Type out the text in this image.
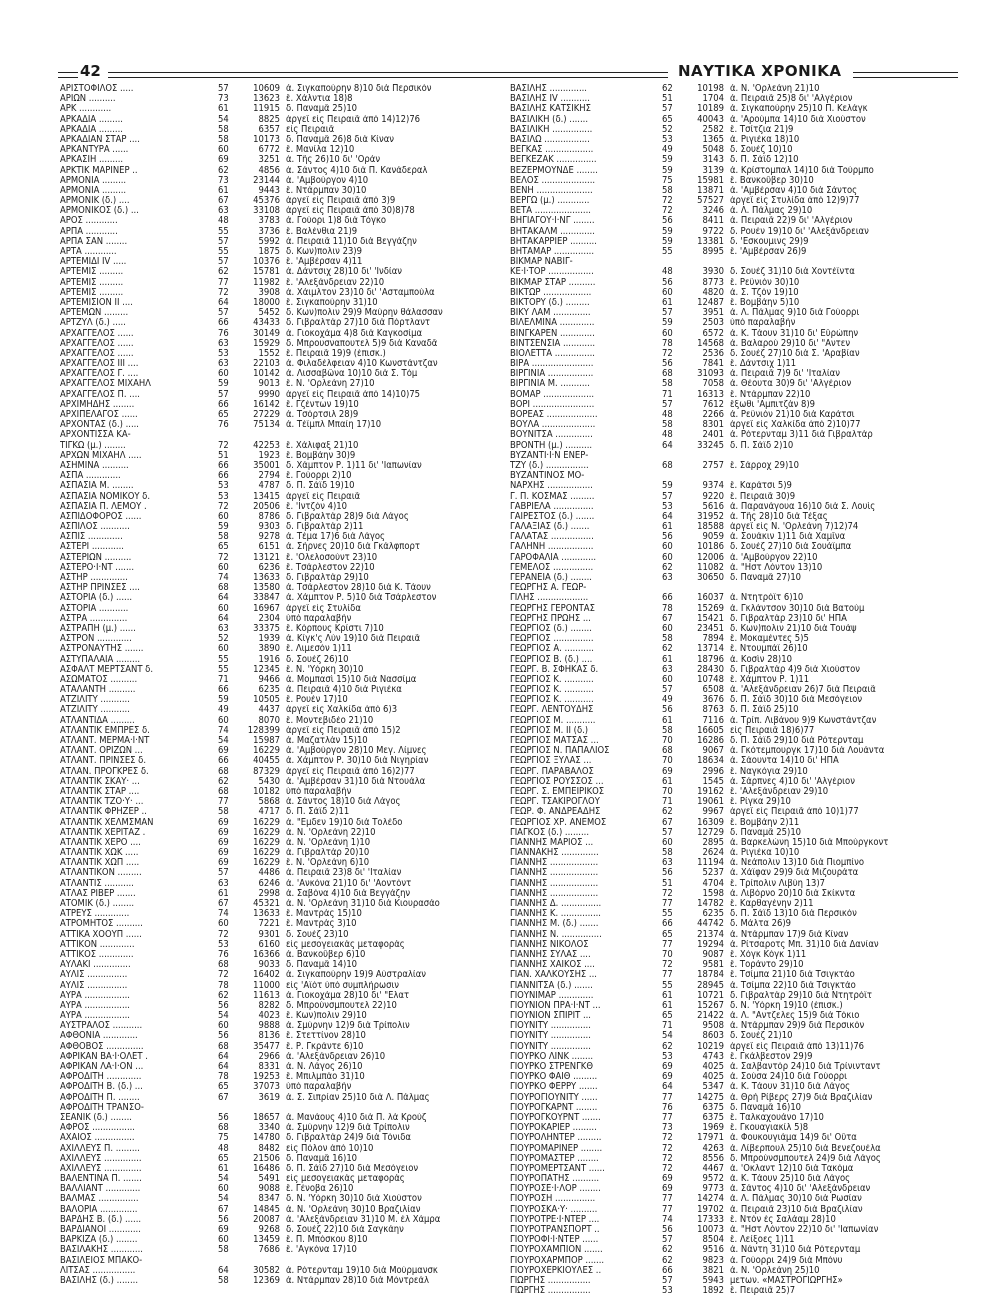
42	ΝΑΥΤΙΚΑ ΧΡΟΝΙΚΑ
ΑΡΙΣΤΟΦΙΛΟΣ .....	57	10609 ά. Σιγκαπούρην 8)10 διὰ Περσικὸν
ΑΡΙΩΝ ..........	73	13623 ἔ. Χάλντια 18)8
ΑΡΚ ............	61	11915 δ. Παναμᾶ 25)10
ΑΡΚΑΔΙΑ .........	54	8825 ἀργεῖ εἰς Πειραιᾶ ἀπὸ 14)12)76
ΑΡΚΑΔΙΑ .........	58	6357 εἰς Πειραιᾶ
ΑΡΚΑΔΙΑΝ ΣΤΑΡ ....	58	10173 δ. Παναμᾶ 26)8 διὰ Κίναν
ΑΡΚΑΝΤΥΡΑ ......	60	6772 ἔ. Μανίλα 12)10
ΑΡΚΑΣΙΗ .........	69	3251 ἀ. Τῆς 26)10 δι' 'Οράν
ΑΡΚΤΙΚ ΜΑΡΙΝΕΡ ..	62	4856 ἀ. Σάντος 4)10 διὰ Π. Κανάδεραλ
ΑΡΜΟΝΙΑ .........	73	23144 ἀ. 'Αμβούργον 4)10
ΑΡΜΟΝΙΑ .........	61	9443 ἔ. Ντάρμπαν 30)10
ΑΡΜΟΝΙΚ (δ.) ....	67	45376 ἀργεῖ εἰς Πειραιᾶ ἀπὸ 3)9
ΑΡΜΟΝΙΚΟΣ (δ.) ...	63	33108 ἀργεῖ εἰς Πειραιᾶ ἀπὸ 30)8)78
ΑΡΟΣ ............	48	3783 ά. Γούορι 1)8 διὰ Τόγκο
ΑΡΠΑ ............	55	3736 ἔ. Βαλένθια 21)9
ΑΡΠΑ ΣΑΝ ........	57	5992 ά. Πειραιᾶ 11)10 διὰ Βεγγάζην
ΑΡΤΑ ............	55	1875 δ. Κων)πολιν 23)9
ΑΡΤΕΜΙΔΙ ΙV .....	57	10376 ἔ. 'Αμβέρσαν 4)11
ΑΡΤΕΜΙΣ .........	62	15781 ά. Δάντσιχ 28)10 δι' 'Ινδίαν
ΑΡΤΕΜΙΣ .........	77	11982 ἔ. 'Αλεξάνδρειαν 22)10
ΑΡΤΕΜΙΣ .........	72	3908 ά. Χάιμλτον 23)10 δι' 'Ασταμπούλα
ΑΡΤΕΜΙΣΙΟΝ ΙΙ ....	64	18000 ἔ. Σιγκαπούρην 31)10
ΑΡΤΕΜΩΝ .........	57	5452 δ. Κων)πολιν 29)9 Μαύρην θάλασσαν
ΑΡΤΖΥΛ (δ.) .....	66	43433 δ. Γιβραλτὰρ 27)10 διὰ Πόρτλαντ
ΑΡΧΑΓΓΕΛΟΣ ......	76	30149 ά. Γιοκοχάμα 4)8 διὰ Καγκοσίμα
ΑΡΧΑΓΓΕΛΟΣ ......	63	15929 δ. Μπρουσναπουτελ 5)9 διὰ Καναδᾶ
ΑΡΧΑΓΓΕΛΟΣ ......	53	1552 ἔ. Πειραιᾶ 19)9 (ἐπισκ.)
ΑΡΧΑΓΓΕΛΟΣ ΙΙΙ ....	63	22103 ά. Φιλαδέλφειαν 4)10 Κωνστάντζαν
ΑΡΧΑΓΓΕΛΟΣ Γ. ....	60	10142 ά. Λισσαβῶνα 10)10 διὰ Σ. Τὸμ
ΑΡΧΑΓΓΕΛΟΣ ΜΙΧΑΗΛ	59	9013 ἔ. Ν. 'Ορλεάνη 27)10
ΑΡΧΑΓΓΕΛΟΣ Π. ....	57	9990 ἀργεῖ εἰς Πειραιᾶ ἀπὸ 14)10)75
ΑΡΧΙΜΗΔΗΣ ........	66	16142 ἔ. Γζέντων 19)10
ΑΡΧΙΠΕΛΑΓΟΣ ......	65	27229 ά. Τσόρτσιλ 28)9
ΑΡΧΟΝΤΑΣ (δ.) .....	76	75134 ά. Τέϊμπλ Μπαίη 17)10
ΑΡΧΟΝΤΙΣΣΑ ΚΑ-
ΤΙΓΚΩ (μ.) ........	72	42253 ἔ. Χάλιφαξ 21)10
ΑΡΧΩΝ ΜΙΧΑΗΛ .....	51	1923 ἔ. Βομβάην 30)9
ΑΣΗΜΙΝΑ ..........	66	35001 δ. Χάμπτον Ρ. 1)11 δι' 'Ιαπωνίαν
ΑΣΠΑ .............	66	2794 ἔ. Γούορρι 2)10
ΑΣΠΑΣΙΑ Μ. ........	53	4787 δ. Π. Σάϊδ 19)10
ΑΣΠΑΣΙΑ ΝΟΜΙΚΟΥ δ.	53	13415 ἀργεῖ εἰς Πειραιᾶ
ΑΣΠΑΣΙΑ Π. ΛΕΜΟΥ .	72	20506 ἔ. 'Ιντζὸν 4)10
ΑΣΠΙΔΟΦΟΡΟΣ ......	60	8786 δ. Γιβραλτὰρ 28)9 διὰ Λάγος
ΑΣΠΙΛΟΣ ...........	59	9303 δ. Γιβραλτὰρ 2)11
ΑΣΠΙΣ .............	58	9278 ά. Τέμα 17)6 διὰ Λάγος
ΑΣΤΕΡΙ ............	65	6151 ά. Σήρνες 20)10 διὰ Γκάλφπορτ
ΑΣΤΕΡΙΩΝ ..........	72	13121 ἔ. 'Ολελοσούντ 23)10
ΑΣΤΕΡΟ·Ι·ΝΤ .......	60	6236 ἔ. Τσάρλεστον 22)10
ΑΣΤΗΡ ..............	74	13633 δ. Γιβραλτὰρ 29)10
ΑΣΤΗΡ ΠΡΙΝΣΕΣ ....	68	13580 ά. Τσάρλεστον 28)10 διὰ Κ. Τάουν
ΑΣΤΟΡΙΑ (δ.) ......	64	33847 ά. Χάμπτον Ρ. 5)10 διὰ Τσάρλεστον
ΑΣΤΟΡΙΑ ...........	60	16967 ἀργεῖ εἰς Στυλίδα
ΑΣΤΡΑ ..............	64	2304 ὑπὸ παραλαβὴν
ΑΣΤΡΑΠΗ (μ.) ......	63	33375 ἔ. Κόρπους Κρίστι 7)10
ΑΣΤΡΟΝ .............	52	1939 ά. Κίγκ'ς Λὺν 19)10 διὰ Πειραιᾶ
ΑΣΤΡΟΝΑΥΤΗΣ .......	60	3890 ἔ. Λιμεσὸν 1)11
ΑΣΤΥΠΑΛΑΙΑ .........	55	1916 δ. Σουέζ 26)10
ΑΣΦΑΛΤ ΜΕΡΤΣΑΝΤ δ.	55	12345 ἔ. Ν. 'Υόρκη 30)10
ΑΣΩΜΑΤΟΣ ..........	71	9466 ά. Μομπασὶ 15)10 διὰ Νασσίμα
ΑΤΑΛΑΝΤΗ ..........	66	6235 ά. Πειραιᾶ 4)10 διὰ Ριγιέκα
ΑΤΖΙΛΙΤΥ ...........	59	10505 ἔ. Ρουὲν 17)10
ΑΤΖΙΛΙΤΥ ...........	49	4437 ἀργεῖ εἰς Χαλκίδα ἀπὸ 6)3
ΑΤΛΑΝΤΙΔΑ .........	60	8070 ἔ. Μοντεβιδέο 21)10
ΑΤΛΑΝΤΙΚ ΕΜΠΡΕΣ δ.	74	128399 ἀργεῖ εἰς Πειραιᾶ ἀπὸ 15)2
ΑΤΛΑΝΤ. ΜΕΡΜΑ·Ι·ΝΤ	54	15987 ά. Μαζατλὰν 15)10
ΑΤΛΑΝΤ. ΟΡΙΖΩΝ ...	69	16229 ά. 'Αμβούργον 28)10 Μεγ. Λίμνες
ΑΤΛΑΝΤ. ΠΡΙΝΣΕΣ δ.	66	40455 ά. Χάμπτον Ρ. 30)10 διὰ Νιγηρίαν
ΑΤΛΑΝ. ΠΡΟΓΚΡΕΣ δ.	68	87329 ἀργεῖ εἰς Πειραιᾶ ἀπὸ 16)2)77
ΑΤΛΑΝΤΙΚ ΣΚΑΥ· ...	62	5430 ά. 'Αμβέρσαν 31)10 διὰ Ντουάλα
ΑΤΛΑΝΤΙΚ ΣΤΑΡ ....	68	10182 ὑπὸ παραλαβὴν
ΑΤΛΑΝΤΙΚ ΤΖΟ·Υ· ...	77	5868 ά. Σάντος 18)10 διὰ Λάγος
ΑΤΛΑΝΤΙΚ ΦΡΗΖΕΡ ..	58	4717 δ. Π. Σάϊδ 2)11
ΑΤΛΑΝΤΙΚ ΧΕΛΜΣΜΑΝ	69	16229 ά. "Εμδεν 19)10 διὰ Τολέδο
ΑΤΛΑΝΤΙΚ ΧΕΡΙΤΑΖ .	69	16229 ά. Ν. 'Ορλεάνη 22)10
ΑΤΛΑΝΤΙΚ ΧΕΡΟ ....	69	16229 ά. Ν. 'Ορλεάνη 1)10
ΑΤΛΑΝΤΙΚ ΧΩΚ .....	69	16229 ά. Γιβραλτὰρ 20)10
ΑΤΛΑΝΤΙΚ ΧΩΠ .....	69	16229 ἔ. Ν. 'Ορλεάνη 6)10
ΑΤΛΑΝΤΙΚΟΝ .........	57	4486 ά. Πειραιᾶ 23)8 δι' 'Ιταλίαν
ΑΤΛΑΝΤΙΣ ...........	63	6246 ά. 'Ανκόνα 21)10 δι' 'Αοντόντ
ΑΤΛΑΣ ΡΙΒΕΡ .......	61	2998 ά. Σαβόνα 4)10 διὰ Βεγγάζην
ΑΤΟΜΙΚ (δ.) ........	67	45321 ά. Ν. 'Ορλεάνη 31)10 διὰ Κιουρασάο
ΑΤΡΕΥΣ .............	74	13633 ἔ. Μαντρὰς 15)10
ΑΤΡΟΜΗΤΟΣ ..........	60	7221 ἔ. Μαντρὰς 3)10
ΑΤΤΙΚΑ ΧΟΟΥΠ ......	72	9301 δ. Σουέζ 23)10
ΑΤΤΙΚΟΝ .............	53	6160 εἰς μεσογειακὰς μεταφορὰς
ΑΤΤΙΚΟΣ .............	76	16366 ά. Βανκοῦβερ 6)10
ΑΥΛΑΚΙ ..............	68	9033 δ. Παναμᾶ 14)10
ΑΥΛΙΣ ...............	72	16402 ά. Σιγκαπούρην 19)9 Αὐστραλίαν
ΑΥΛΙΣ ...............	78	11000 εἰς 'Αϊὸτ ὑπὸ συμπλήρωσιν
ΑΥΡΑ .................	62	11613 ά. Γιοκοχάμα 28)10 δι' "Ελατ
ΑΥΡΑ .................	56	8282 δ. Μπρούνσμπουτελ 22)10
ΑΥΡΑ .................	54	4023 ἔ. Κων)πολιν 29)10
ΑΥΣΤΡΑΛΟΣ ...........	60	9888 ά. Σμύρνην 12)9 διὰ Τρίπολιν
ΑΦΘΟΝΙΑ .............	56	8136 ἔ. Στεττίνον 28)10
ΑΦΘΟΒΟΣ ..............	68	35477 ἔ. Ρ. Γκράντε 6)10
ΑΦΡΙΚΑΝ ΒΑ·Ι·ΟΛΕΤ .	64	2966 ά. 'Αλεξάνδρειαν 26)10
ΑΦΡΙΚΑΝ ΛΑ·Ι·ΟΝ ...	64	8331 ά. Ν. Λάγος 26)10
ΑΦΡΟΔΙΤΗ .............	78	19253 ἔ. Μπιλμπὰο 31)10
ΑΦΡΟΔΙΤΗ Β. (δ.) ...	65	37073 ὑπὸ παραλαβὴν
ΑΦΡΟΔΙΤΗ Π. ........	67	3619 ά. Σ. Σιπρίαν 25)10 διὰ Λ. Πάλμας
ΑΦΡΟΔΙΤΗ ΤΡΑΝΣΟ-
ΣΕΑΝΙΚ (δ.) ........	56	18657 ά. Μανάους 4)10 διὰ Π. λὰ Κρούζ
ΑΦΡΟΣ ................	68	3340 ά. Σμύρνην 12)9 διὰ Τρίπολιν
ΑΧΑΙΟΣ ...............	75	14780 δ. Γιβραλτὰρ 24)9 διὰ Τόνιδα
ΑΧΙΛΛΕΥΣ Π. .........	48	8482 εἰς Πόλον ἀπὸ 10)10
ΑΧΙΛΛΕΥΣ ..............	65	21506 δ. Παναμᾶ 16)10
ΑΧΙΛΛΕΥΣ ..............	61	16486 δ. Π. Σάϊδ 27)10 διὰ Μεσόγειον
ΒΑΛΕΝΤΙΝΑ Π. .......	54	5491 εἰς μεσογειακὰς μεταφορὰς
ΒΑΛΛΙΑΝΤ .............	60	9088 ἔ. Γένοβα 26)10
ΒΑΛΜΑΣ ...............	54	8347 δ. Ν. 'Υόρκη 30)10 διὰ Χιούστον
ΒΑΛΟΡΙΑ ..............	67	14845 ά. Ν. 'Ορλεάνη 30)10 Βραζιλίαν
ΒΑΡΔΗΣ Β. (δ.) ......	56	20087 ά. 'Αλεξάνδρειαν 31)10 Μ. ἐλ Χάμρα
ΒΑΡΔΙΑΝΟΙ ............	69	9268 δ. Σουέζ 22)10 διὰ Σαγκάην
ΒΑΡΚΙΖΑ (δ.) ........	60	13459 ἔ. Π. Μπόσκου 8)10
ΒΑΣΙΛΑΚΗΣ ............	58	7686 ἔ. 'Αγκόνα 17)10
ΒΑΣΙΛΕΙΟΣ ΜΠΑΚΟ-
ΛΙΤΣΑΣ ................	64	30582 ά. Ρότερνταμ 19)10 διὰ Μούρμανσκ
ΒΑΣΙΛΗΣ (δ.) ........	58	12369 ά. Ντάρμπαν 28)10 διὰ Μόντρεάλ
ΒΑΣΙΛΗΣ ..............	62	10198 ά. Ν. 'Ορλεάνη 21)10
ΒΑΣΙΛΗΣ ΙV ...........	51	1704 ά. Πειραιᾶ 25)8 δι' 'Αλγέριον
ΒΑΣΙΛΗΣ ΚΑΤΣΙΚΗΣ	57	10189 ά. Σιγκαπούρην 25)10 Π. Κελάγκ
ΒΑΣΙΛΙΚΗ (δ.) .......	65	40043 ά. 'Αρούμπα 14)10 διὰ Χιούστον
ΒΑΣΙΛΙΚΗ ...............	52	2582 ἔ. Τσίτζια 21)9
ΒΑΣΙΛΩ .................	53	1365 ά. Ριγιέκα 18)10
ΒΕΓΚΑΣ ..................	49	5048 δ. Σουέζ 10)10
ΒΕΓΚΕΖΑΚ ...............	59	3143 δ. Π. Σάϊδ 12)10
ΒΕΖΕΡΜΟΥΝΔΕ ........	59	3139 ά. Κρίστομπαλ 14)10 διὰ Τούρμπο
ΒΕΛΟΣ ....................	75	15981 ἔ. Βανκοῦβερ 30)10
ΒΕΝΗ .....................	58	13871 ά. 'Αμβέρσαν 4)10 διὰ Σάντος
ΒΕΡΓΩ (μ.) ............	72	57527 ἀργεῖ εἰς Στυλίδα ἀπὸ 12)9)77
ΒΕΤΑ .....................	72	3246 ά. Λ. Πάλμας 29)10
ΒΗΓΙΑΓΟΥ·Ι·ΝΓ ........	56	8411 ά. Πειραιᾶ 22)9 δι' 'Αλγέριον
ΒΗΤΑΚΑΛΜ .............	59	9722 δ. Ρουὲν 19)10 δι' 'Αλεξάνδρειαν
ΒΗΤΑΚΑΡΡΙΕΡ ..........	59	13381 δ. 'Εσκουμινς 29)9
ΒΗΤΑΜΑΡ ...............	55	8995 ἔ. 'Αμβέρσαν 26)9
ΒΙΚΜΑΡ ΝΑΒΙΓ-
ΚΕ·Ι·ΤΟΡ .................	48	3930 δ. Σουέζ 31)10 διὰ Χοντέϊντα
ΒΙΚΜΑΡ ΣΤΑΡ ..........	56	8773 ἔ. Ρεΰνιὸν 30)10
ΒΙΚΤΩΡ ..................	60	4820 ά. Σ. Τζὸν 19)10
ΒΙΚΤΟΡΥ (δ.) .........	61	12487 ἔ. Βομβάην 5)10
ΒΙΚΥ ΛΑΜ ..............	57	3951 ά. Λ. Πάλμας 9)10 διὰ Γούορρι
ΒΙΛΕΛΜΙΝΑ .............	59	2503 ὑπὸ παραλαβὴν
ΒΙΝΓΚΑΡΕΝ .............	60	6572 ά. Κ. Τάουν 31)10 δι' Εὔρώπην
ΒΙΝΤΣΕΝΣΙΑ ............	78	14568 ά. Βαλαρού 29)10 δι' "Αντεν
ΒΙΟΛΕΤΤΑ ...............	72	2536 δ. Σουέζ 27)10 διὰ Σ. 'Αραβίαν
ΒΙΡΑ .......................	56	7841 ἔ. Δάντσιχ 1)11
ΒΙΡΓΙΝΙΑ .................	68	31093 ά. Πειραιᾶ 7)9 δι' 'Ιταλίαν
ΒΙΡΓΙΝΙΑ Μ. ...........	58	7058 ά. Θέουτα 30)9 δι' 'Αλγέριον
ΒΟΜΑΡ ...................	71	16313 ἔ. Ντάρμπαν 22)10
ΒΟΡΙ .......................	57	7612 ἔξωθι 'Αμπιτζὰν 8)9
ΒΟΡΕΑΣ ...................	48	2266 ά. Ρεΰνιὸν 21)10 διὰ Καράτσι
ΒΟΥΛΑ ....................	58	8301 ἀργεῖ εἰς Χαλκίδα ἀπὸ 2)10)77
ΒΟΥΝΙΤΣΑ ..............	48	2401 ά. Ρότερνταμ 3)11 διὰ Γιβραλτὰρ
ΒΡΟΝΤΗ (μ.) ..........	64	33245 δ. Π. Σάϊδ 2)10
ΒΥΖΑΝΤΙ·Ι·Ν ΕΝΕΡ-
ΤΖΥ (δ.) ................	68	2757 ἔ. Σάρροχ 29)10
ΒΥΖΑΝΤΙΝΟΣ ΜΟ-
ΝΑΡΧΗΣ .................	59	9374 ἔ. Καράτσι 5)9
Γ. Π. ΚΟΣΜΑΣ .........	57	9220 ἔ. Πειραιᾶ 30)9
ΓΑΒΡΙΕΛΑ ...............	53	5616 ά. Παρανάγουα 16)10 διὰ Σ. Λουὶς
ΓΑΙΡΕΣΤΟΣ (δ.) .......	64	31952 ά. Τῆς 28)10 διὰ Τέξας
ΓΑΛΑΞΙΑΣ (δ.) .......	61	18588 ἀργεῖ εἰς Ν. 'Ορλεάνη 7)12)74
ΓΑΛΑΤΑΣ ................	56	9059 ά. Σουάκιν 1)11 διὰ Χαμῖνα
ΓΑΛΗΝΗ .................	60	10186 δ. Σουέζ 27)10 διὰ Σουάϊμπα
ΓΑΡΟΦΑΛΙΑ .............	60	12006 ά. 'Αμβούργον 22)10
ΓΕΜΕΛΟΣ ...............	62	11082 ά. "Ηστ Λόντον 13)10
ΓΕΡΑΝΕΙΑ (δ.) ........	63	30650 δ. Παναμᾶ 27)10
ΓΕΩΡΓΗΣ Α. ΓΕΩΡ-
ΓΙΛΗΣ ...................	66	16037 ά. Ντητρόϊτ 6)10
ΓΕΩΡΓΗΣ ΓΕΡΟΝΤΑΣ	78	15269 ά. Γκλάντσον 30)10 διὰ Βατούμ
ΓΕΩΡΓΗΣ ΠΡΩΗΣ ...	67	15421 δ. Γιβραλτὰρ 23)10 δι' ΗΠΑ
ΓΕΩΡΓΙΟΣ (δ.) ........	60	23451 δ. Κων)πολιν 21)10 διὰ Τουάψ
ΓΕΩΡΓΙΟΣ ...............	58	7894 ἔ. Μοκαμέντες 5)5
ΓΕΩΡΓΙΟΣ Α. ...........	62	13714 ἔ. Ντουμπάϊ 26)10
ΓΕΩΡΓΙΟΣ Β. (δ.) ....	61	18796 ά. Κοσὶν 28)10
ΓΕΩΡΓ. Β. ΣΦΗΚΑΣ δ.	63	28430 δ. Γιβραλτὰρ 4)9 διὰ Χιούστον
ΓΕΩΡΓΙΟΣ Κ. ...........	60	10748 ἔ. Χάμπτον Ρ. 1)11
ΓΕΩΡΓΙΟΣ Κ. ...........	57	6508 ά. 'Αλεξάνδρειαν 26)7 διὰ Πειραιᾶ
ΓΕΩΡΓΙΟΣ Κ. ...........	49	3676 δ. Π. Σάϊδ 30)10 διὰ Μεσόγειον
ΓΕΩΡΓ. ΛΕΝΤΟΥΔΗΣ	56	8763 δ. Π. Σάϊδ 25)10
ΓΕΩΡΓΙΟΣ Μ. ...........	61	7116 ά. Τρίπ. Λιβάνου 9)9 Κωνστάντζαν
ΓΕΩΡΓΙΟΣ Μ. ΙΙ (δ.)	58	16605 εἰς Πειραιᾶ 18)6)77
ΓΕΩΡΓΙΟΣ ΜΑΤΣΑΣ ...	70	16286 δ. Π. Σάϊδ 29)10 διὰ Ρότερνταμ
ΓΕΩΡΓΙΟΣ Ν. ΠΑΠΑΛΙΟΣ	68	9067 ά. Γκότεμπουργκ 17)10 διὰ Λουάντα
ΓΕΩΡΓΙΟΣ ΞΥΛΑΣ ...	70	18634 ά. Σάουντα 14)10 δι' ΗΠΑ
ΓΕΩΡΓ. ΠΑΡΑΒΑΛΟΣ	69	2996 ἔ. Ναγκόγια 29)10
ΓΕΩΡΓΙΟΣ ΡΟΥΣΣΟΣ ...	61	1545 ά. Σάρπνες 4)10 δι' 'Αλγέριον
ΓΕΩΡΓ. Σ. ΕΜΠΕΙΡΙΚΟΣ	70	19162 ἔ. 'Αλεξάνδρειαν 29)10
ΓΕΩΡΓ. ΤΣΑΚΙΡΟΓΛΟΥ	71	19061 ἔ. Ρίγκα 29)10
ΓΕΩΡ. Φ. ΑΝΔΡΕΑΔΗΣ	62	9967 ἀργεῖ εἰς Πειραιᾶ ἀπὸ 10)1)77
ΓΕΩΡΓΙΟΣ ΧΡ. ΑΝΕΜΟΣ	67	16309 ἔ. Βομβάην 2)11
ΓΙΑΓΚΟΣ (δ.) .........	57	12729 δ. Παναμᾶ 25)10
ΓΙΑΝΝΗΣ ΜΑΡΙΟΣ ...	60	2895 ά. Βαρκελώνη 15)10 διὰ Μπούργκοντ
ΓΙΑΝΝΑΚΗΣ ..............	58	2624 ά. Ριγιέκα 10)10
ΓΙΑΝΝΗΣ ..................	63	11194 ά. Νεάπολιν 13)10 διὰ Πιομπίνο
ΓΙΑΝΝΗΣ ..................	56	5237 ά. Χάϊφαν 29)9 διὰ Μιζουράτα
ΓΙΑΝΝΗΣ ..................	51	4704 ἔ. Τρίπολιν Λιβύη 13)7
ΓΙΑΝΝΗΣ ..................	72	1598 ά. Λιβόρνο 20)10 διὰ Σκίκντα
ΓΙΑΝΝΗΣ Δ. ...............	77	14782 ἔ. Καρθαγένην 2)11
ΓΙΑΝΝΗΣ Κ. ...............	55	6235 δ. Π. Σάϊδ 13)10 διὰ Περσικὸν
ΓΙΑΝΝΗΣ Μ. (δ.) .......	66	44742 δ. Μάλτα 26)9
ΓΙΑΝΝΗΣ Ν. ...............	65	21374 ά. Ντάρμπαν 17)9 διὰ Κίναν
ΓΙΑΝΝΗΣ ΝΙΚΟΛΟΣ	77	19294 ά. Ρίτσαροτς Μπ. 31)10 διὰ Δανίαν
ΓΙΑΝΝΗΣ ΣΥΛΑΣ ....	70	9087 ἔ. Χόγκ Κόγκ 1)11
ΓΙΑΝΝΗΣ ΧΑΪΚΟΣ ....	72	9581 ἔ. Τοράντο 29)10
ΓΙΑΝ. ΧΑΛΚΟΥΣΗΣ ...	77	18784 ἔ. Τσίμπα 21)10 διὰ Τσιγκτάο
ΓΙΑΝΝΙΤΣΑ (δ.) .......	55	28945 ά. Τσίμπα 22)10 διὰ Τσιγκτάο
ΓΙΟΥΝΙΜΑΡ .............	61	10721 δ. Γιβραλτὰρ 29)10 διὰ Ντητρόϊτ
ΓΙΟΥΝΙΟΝ ΠΡΑ·Ι·ΝΤ ...	61	15267 δ. Ν. 'Υόρκη 19)10 (ἐπισκ.)
ΓΙΟΥΝΙΟΝ ΣΠΙΡΙΤ ...	65	21422 ά. Λ. "Αντζελες 15)9 διὰ Τόκιο
ΓΙΟΥΝΙΤΥ ...............	71	9508 ά. Ντάρμπαν 29)9 διὰ Περσικὸν
ΓΙΟΥΝΙΤΥ ...............	54	8603 δ. Σουέζ 21)10
ΓΙΟΥΝΙΤΥ ...............	62	10219 ἀργεῖ εἰς Πειραιᾶ ἀπὸ 13)11)76
ΓΙΟΥΡΚΟ ΛΙΝΚ ........	53	4743 ἔ. Γκάλβεστον 29)9
ΓΙΟΥΡΚΟ ΣΤΡΕΝΓΚΘ	69	4025 ά. Σαλβαντὸρ 24)10 διὰ Τρίνινταντ
ΓΙΟΥΡΚΟ ΦΑΙΘ .........	69	4025 ά. Σούσα 24)10 διὰ Γούορρι
ΓΙΟΥΡΚΟ ΦΕΡΡΥ .......	64	5347 ά. Κ. Τάουν 31)10 διὰ Λάγος
ΓΙΟΥΡΟΓΙΟΥΝΙΤΥ ......	77	14275 ά. Θρὴ Ρίβερς 27)9 διὰ Βραζιλίαν
ΓΙΟΥΡΟΓΚΑΡΝΤ ........	76	6375 δ. Παναμᾶ 16)10
ΓΙΟΥΡΟΓΚΟΥΡΝΤ .......	77	6375 ἔ. Ταλκαχουάνο 17)10
ΓΙΟΥΡΟΚΑΡΙΕΡ .........	73	1969 ἔ. Γκουαγιακίλ 5)8
ΓΙΟΥΡΟΛΗΝΤΕΡ .........	72	17971 ά. Φουκουγιάμα 14)9 δι' Οὔτα
ΓΙΟΥΡΟΜΑΡΙΝΕΡ ........	72	4263 ά. Λίβερπουλ 25)10 διὰ Βενεζουέλα
ΓΙΟΥΡΟΜΑΣΤΕΡ ........	72	8556 δ. Μπρούνσμπουτελ 24)9 διὰ Λάγος
ΓΙΟΥΡΟΜΕΡΤΣΑΝΤ ......	72	4467 ά. 'Οκλαντ 12)10 διὰ Τακόμα
ΓΙΟΥΡΟΠΑΤΗΣ ..........	69	9572 ά. Κ. Τάουν 25)10 διὰ Λάγος
ΓΙΟΥΡΟΣΕ·Ι·ΛΟΡ ........	69	9773 ά. Σάντος 4)10 δι' 'Αλεξάνδρειαν
ΓΙΟΥΡΟΣΗ ...............	77	14274 ά. Λ. Πάλμας 30)10 διὰ Ρωσίαν
ΓΙΟΥΡΟΣΚΑ·Υ· ..........	77	19702 ά. Πειραιᾶ 23)10 διὰ Βραζιλίαν
ΓΙΟΥΡΟΤΡΕ·Ι·ΝΤΕΡ ....	74	17333 ἔ. Ντὸν ἐς Σαλάαμ 28)10
ΓΙΟΥΡΟΤΡΑΝΣΠΟΡΤ ..	56	10073 ά. "Ηστ Λόντον 22)10 δι' 'Ιαπωνίαν
ΓΙΟΥΡΟΦΙ·Ι·ΝΤΕΡ ......	57	8504 ἔ. Λείξοες 1)11
ΓΙΟΥΡΟΧΑΜΠΙΟΝ .......	62	9516 ά. Νάντη 31)10 διὰ Ρότερνταμ
ΓΙΟΥΡΟΧΑΡΜΠΟΡ .......	62	9823 ά. Γούορρι 24)9 διὰ Μπόνυ
ΓΙΟΥΡΟΧΕΡΚΙΟΥΛΕΣ ..	66	3821 ά. Ν. 'Ορλεάνη 25)10
ΓΙΩΡΓΗΣ ................	57	5943 μετων. «ΜΑΣΤΡΟΓΙΩΡΓΗΣ»
ΓΙΩΡΓΗΣ ................	53	1892 ἔ. Πειραιᾶ 25)7
